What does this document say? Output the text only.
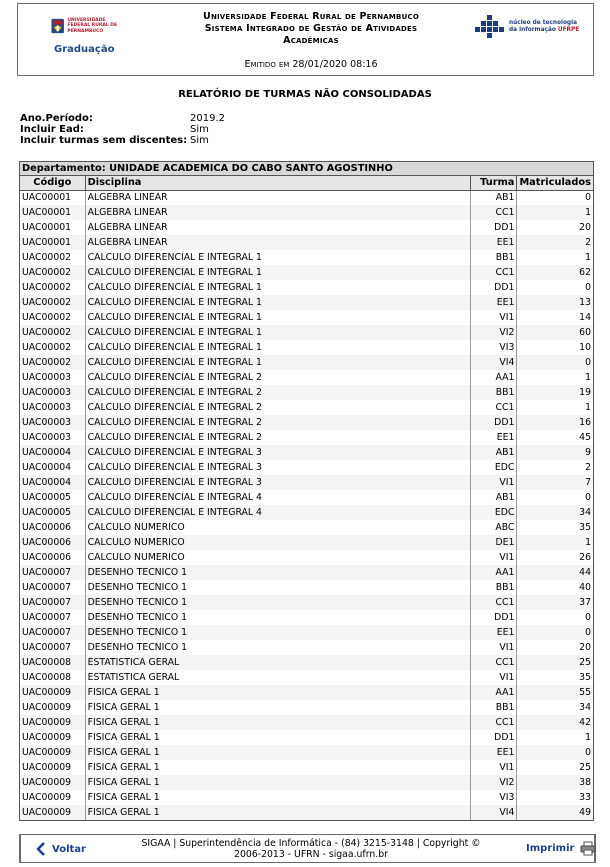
UNIVERSIDADE FEDERAL RURAL DE PERNAMBUCO
Graduação
Universidade Federal Rural de Pernambuco
Sistema Integrado de Gestão de Atividades
Acadêmicas
Emitido em 28/01/2020 08:16
núcleo de tecnologia
da informação UFRPE
RELATÓRIO DE TURMAS NÃO CONSOLIDADAS
Ano.Período:	2019.2
Incluir Ead:	Sim
Incluir turmas sem discentes: Sim
Departamento: UNIDADE ACADEMICA DO CABO SANTO AGOSTINHO
Código	Disciplina	Turma	Matriculados
UAC00001	ALGEBRA LINEAR	AB1	0
UAC00001	ALGEBRA LINEAR	CC1	1
UAC00001	ALGEBRA LINEAR	DD1	20
UAC00001	ALGEBRA LINEAR	EE1	2
UAC00002	CALCULO DIFERENCIAL E INTEGRAL 1	BB1	1
UAC00002	CALCULO DIFERENCIAL E INTEGRAL 1	CC1	62
UAC00002	CALCULO DIFERENCIAL E INTEGRAL 1	DD1	0
UAC00002	CALCULO DIFERENCIAL E INTEGRAL 1	EE1	13
UAC00002	CALCULO DIFERENCIAL E INTEGRAL 1	VI1	14
UAC00002	CALCULO DIFERENCIAL E INTEGRAL 1	VI2	60
UAC00002	CALCULO DIFERENCIAL E INTEGRAL 1	VI3	10
UAC00002	CALCULO DIFERENCIAL E INTEGRAL 1	VI4	0
UAC00003	CALCULO DIFERENCIAL E INTEGRAL 2	AA1	1
UAC00003	CALCULO DIFERENCIAL E INTEGRAL 2	BB1	19
UAC00003	CALCULO DIFERENCIAL E INTEGRAL 2	CC1	1
UAC00003	CALCULO DIFERENCIAL E INTEGRAL 2	DD1	16
UAC00003	CALCULO DIFERENCIAL E INTEGRAL 2	EE1	45
UAC00004	CALCULO DIFERENCIAL E INTEGRAL 3	AB1	9
UAC00004	CALCULO DIFERENCIAL E INTEGRAL 3	EDC	2
UAC00004	CALCULO DIFERENCIAL E INTEGRAL 3	VI1	7
UAC00005	CALCULO DIFERENCIAL E INTEGRAL 4	AB1	0
UAC00005	CALCULO DIFERENCIAL E INTEGRAL 4	EDC	34
UAC00006	CALCULO NUMERICO	ABC	35
UAC00006	CALCULO NUMERICO	DE1	1
UAC00006	CALCULO NUMERICO	VI1	26
UAC00007	DESENHO TECNICO 1	AA1	44
UAC00007	DESENHO TECNICO 1	BB1	40
UAC00007	DESENHO TECNICO 1	CC1	37
UAC00007	DESENHO TECNICO 1	DD1	0
UAC00007	DESENHO TECNICO 1	EE1	0
UAC00007	DESENHO TECNICO 1	VI1	20
UAC00008	ESTATISTICA GERAL	CC1	25
UAC00008	ESTATISTICA GERAL	VI1	35
UAC00009	FISICA GERAL 1	AA1	55
UAC00009	FISICA GERAL 1	BB1	34
UAC00009	FISICA GERAL 1	CC1	42
UAC00009	FISICA GERAL 1	DD1	1
UAC00009	FISICA GERAL 1	EE1	0
UAC00009	FISICA GERAL 1	VI1	25
UAC00009	FISICA GERAL 1	VI2	38
UAC00009	FISICA GERAL 1	VI3	33
UAC00009	FISICA GERAL 1	VI4	49
Voltar	SIGAA | Superintendência de Informática - (84) 3215-3148 | Copyright ©
2006-2013 - UFRN - sigaa.ufrn.br
Imprimir
